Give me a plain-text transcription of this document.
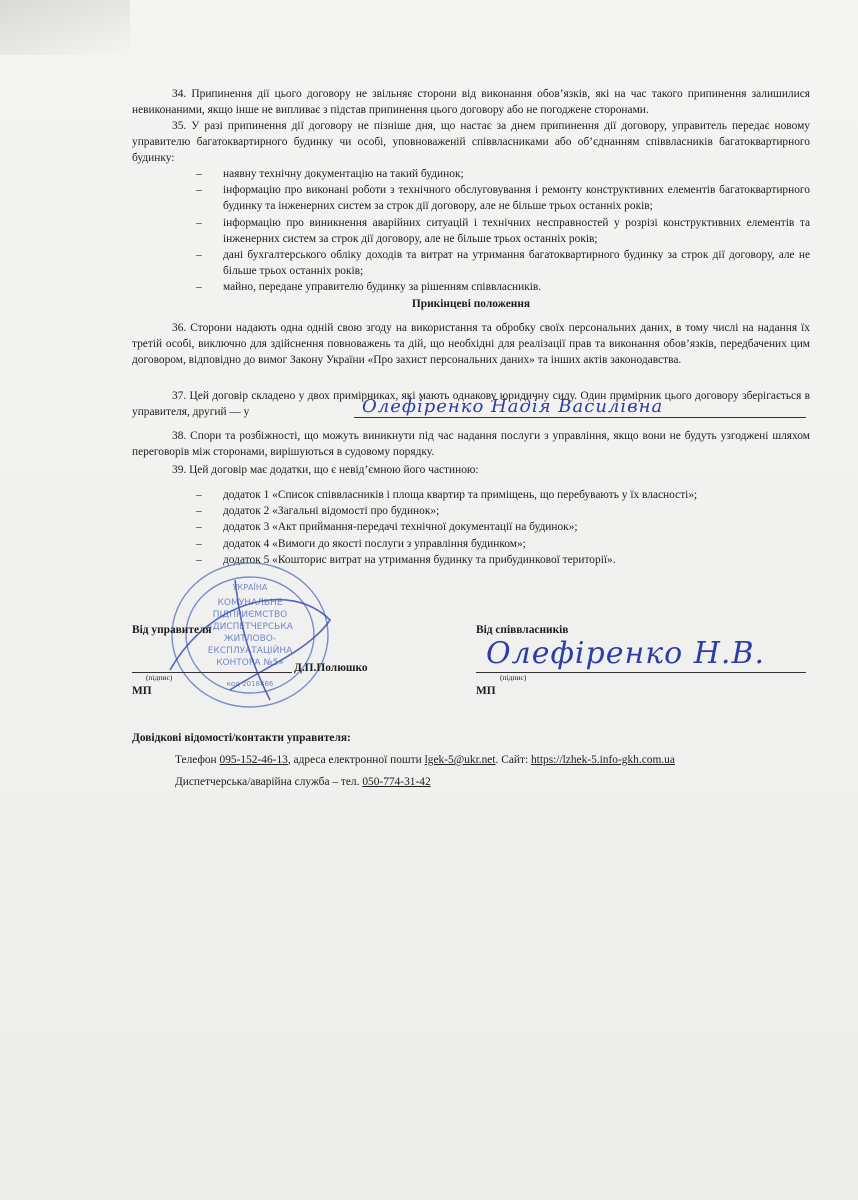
34. Припинення дії цього договору не звільняє сторони від виконання обов’язків, які на час такого припинення залишилися невиконаними, якщо інше не випливає з підстав припинення цього договору або не погоджене сторонами.

35. У разі припинення дії договору не пізніше дня, що настає за днем припинення дії договору, управитель передає новому управителю багатоквартирного будинку чи особі, уповноваженій співвласниками або об’єднанням співвласників багатоквартирного будинку:

– наявну технічну документацію на такий будинок;
– інформацію про виконані роботи з технічного обслуговування і ремонту конструктивних елементів багатоквартирного будинку та інженерних систем за строк дії договору, але не більше трьох останніх років;
– інформацію про виникнення аварійних ситуацій і технічних несправностей у розрізі конструктивних елементів та інженерних систем за строк дії договору, але не більше трьох останніх років;
– дані бухгалтерського обліку доходів та витрат на утримання багатоквартирного будинку за строк дії договору, але не більше трьох останніх років;
– майно, передане управителю будинку за рішенням співвласників.
Прикінцеві положення

36. Сторони надають одна одній свою згоду на використання та обробку своїх персональних даних, в тому числі на надання їх третій особі, виключно для здійснення повноважень та дій, що необхідні для реалізації прав та виконання обов’язків, передбачених цим договором, відповідно до вимог Закону України «Про захист персональних даних» та інших актів законодавства.

37. Цей договір складено у двох примірниках, які мають однакову юридичну силу. Один примірник цього договору зберігається в управителя, другий — у	Олефіренко Надія Василівна

38. Спори та розбіжності, що можуть виникнути під час надання послуги з управління, якщо вони не будуть узгоджені шляхом переговорів між сторонами, вирішуються в судовому порядку.

39. Цей договір має додатки, що є невід’ємною його частиною:

– додаток 1 «Список співвласників і площа квартир та приміщень, що перебувають у їх власності»;
– додаток 2 «Загальні відомості про будинок»;
– додаток 3 «Акт приймання-передачі технічної документації на будинок»;
– додаток 4 «Вимоги до якості послуги з управління будинком»;
– додаток 5 «Кошторис витрат на утримання будинку та прибудинкової території».
УКРАЇНА
КОМУНАЛЬНЕ
ПІДПРИЄМСТВО
«ДИСПЕТЧЕРСЬКА
ЖИТЛОВО-
ЕКСПЛУАТАЦІЙНА
КОНТОРА №5»
код 2018466
Від управителя
Д.П.Полюшко
(підпис)
МП
Від співвласників
(підпис)
МП
Олефіренко Н.В.
Довідкові відомості/контакти управителя:
Телефон 095-152-46-13, адреса електронної пошти lgek-5@ukr.net. Сайт: https://lzhek-5.info-gkh.com.ua
Диспетчерська/аварійна служба – тел. 050-774-31-42
